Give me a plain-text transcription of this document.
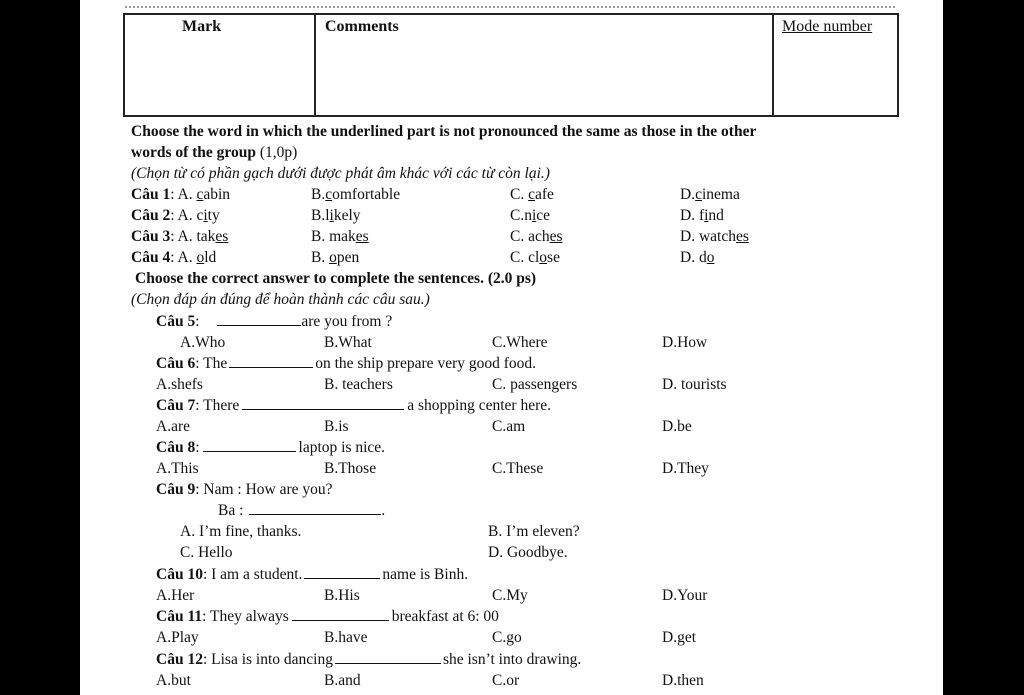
Mark	Comments	Mode number
Choose the word in which the underlined part is not pronounced the same as those in the other
words of the group (1,0p)
(Chọn từ có phần gạch dưới được phát âm khác với các từ còn lại.)
Câu 1: A. cabin	B.comfortable	C. cafe	D.cinema
Câu 2: A. city	B.likely	C.nice	D. find
Câu 3: A. takes	B. makes	C. aches	D. watches
Câu 4: A. old	B. open	C. close	D. do
Choose the correct answer to complete the sentences. (2.0 ps)
(Chọn đáp án đúng để hoàn thành các câu sau.)
Câu 5:	are you from ?
A.Who	B.What	C.Where	D.How
Câu 6: The	on the ship prepare very good food.
A.shefs	B. teachers	C. passengers	D. tourists
Câu 7: There	a shopping center here.
A.are	B.is	C.am	D.be
Câu 8:	laptop is nice.
A.This	B.Those	C.These	D.They
Câu 9: Nam : How are you?
Ba :	.
A. I’m fine, thanks.	B. I’m eleven?
C. Hello	D. Goodbye.
Câu 10: I am a student.	name is Binh.
A.Her	B.His	C.My	D.Your
Câu 11: They always	breakfast at 6: 00
A.Play	B.have	C.go	D.get
Câu 12: Lisa is into dancing	she isn’t into drawing.
A.but	B.and	C.or	D.then
